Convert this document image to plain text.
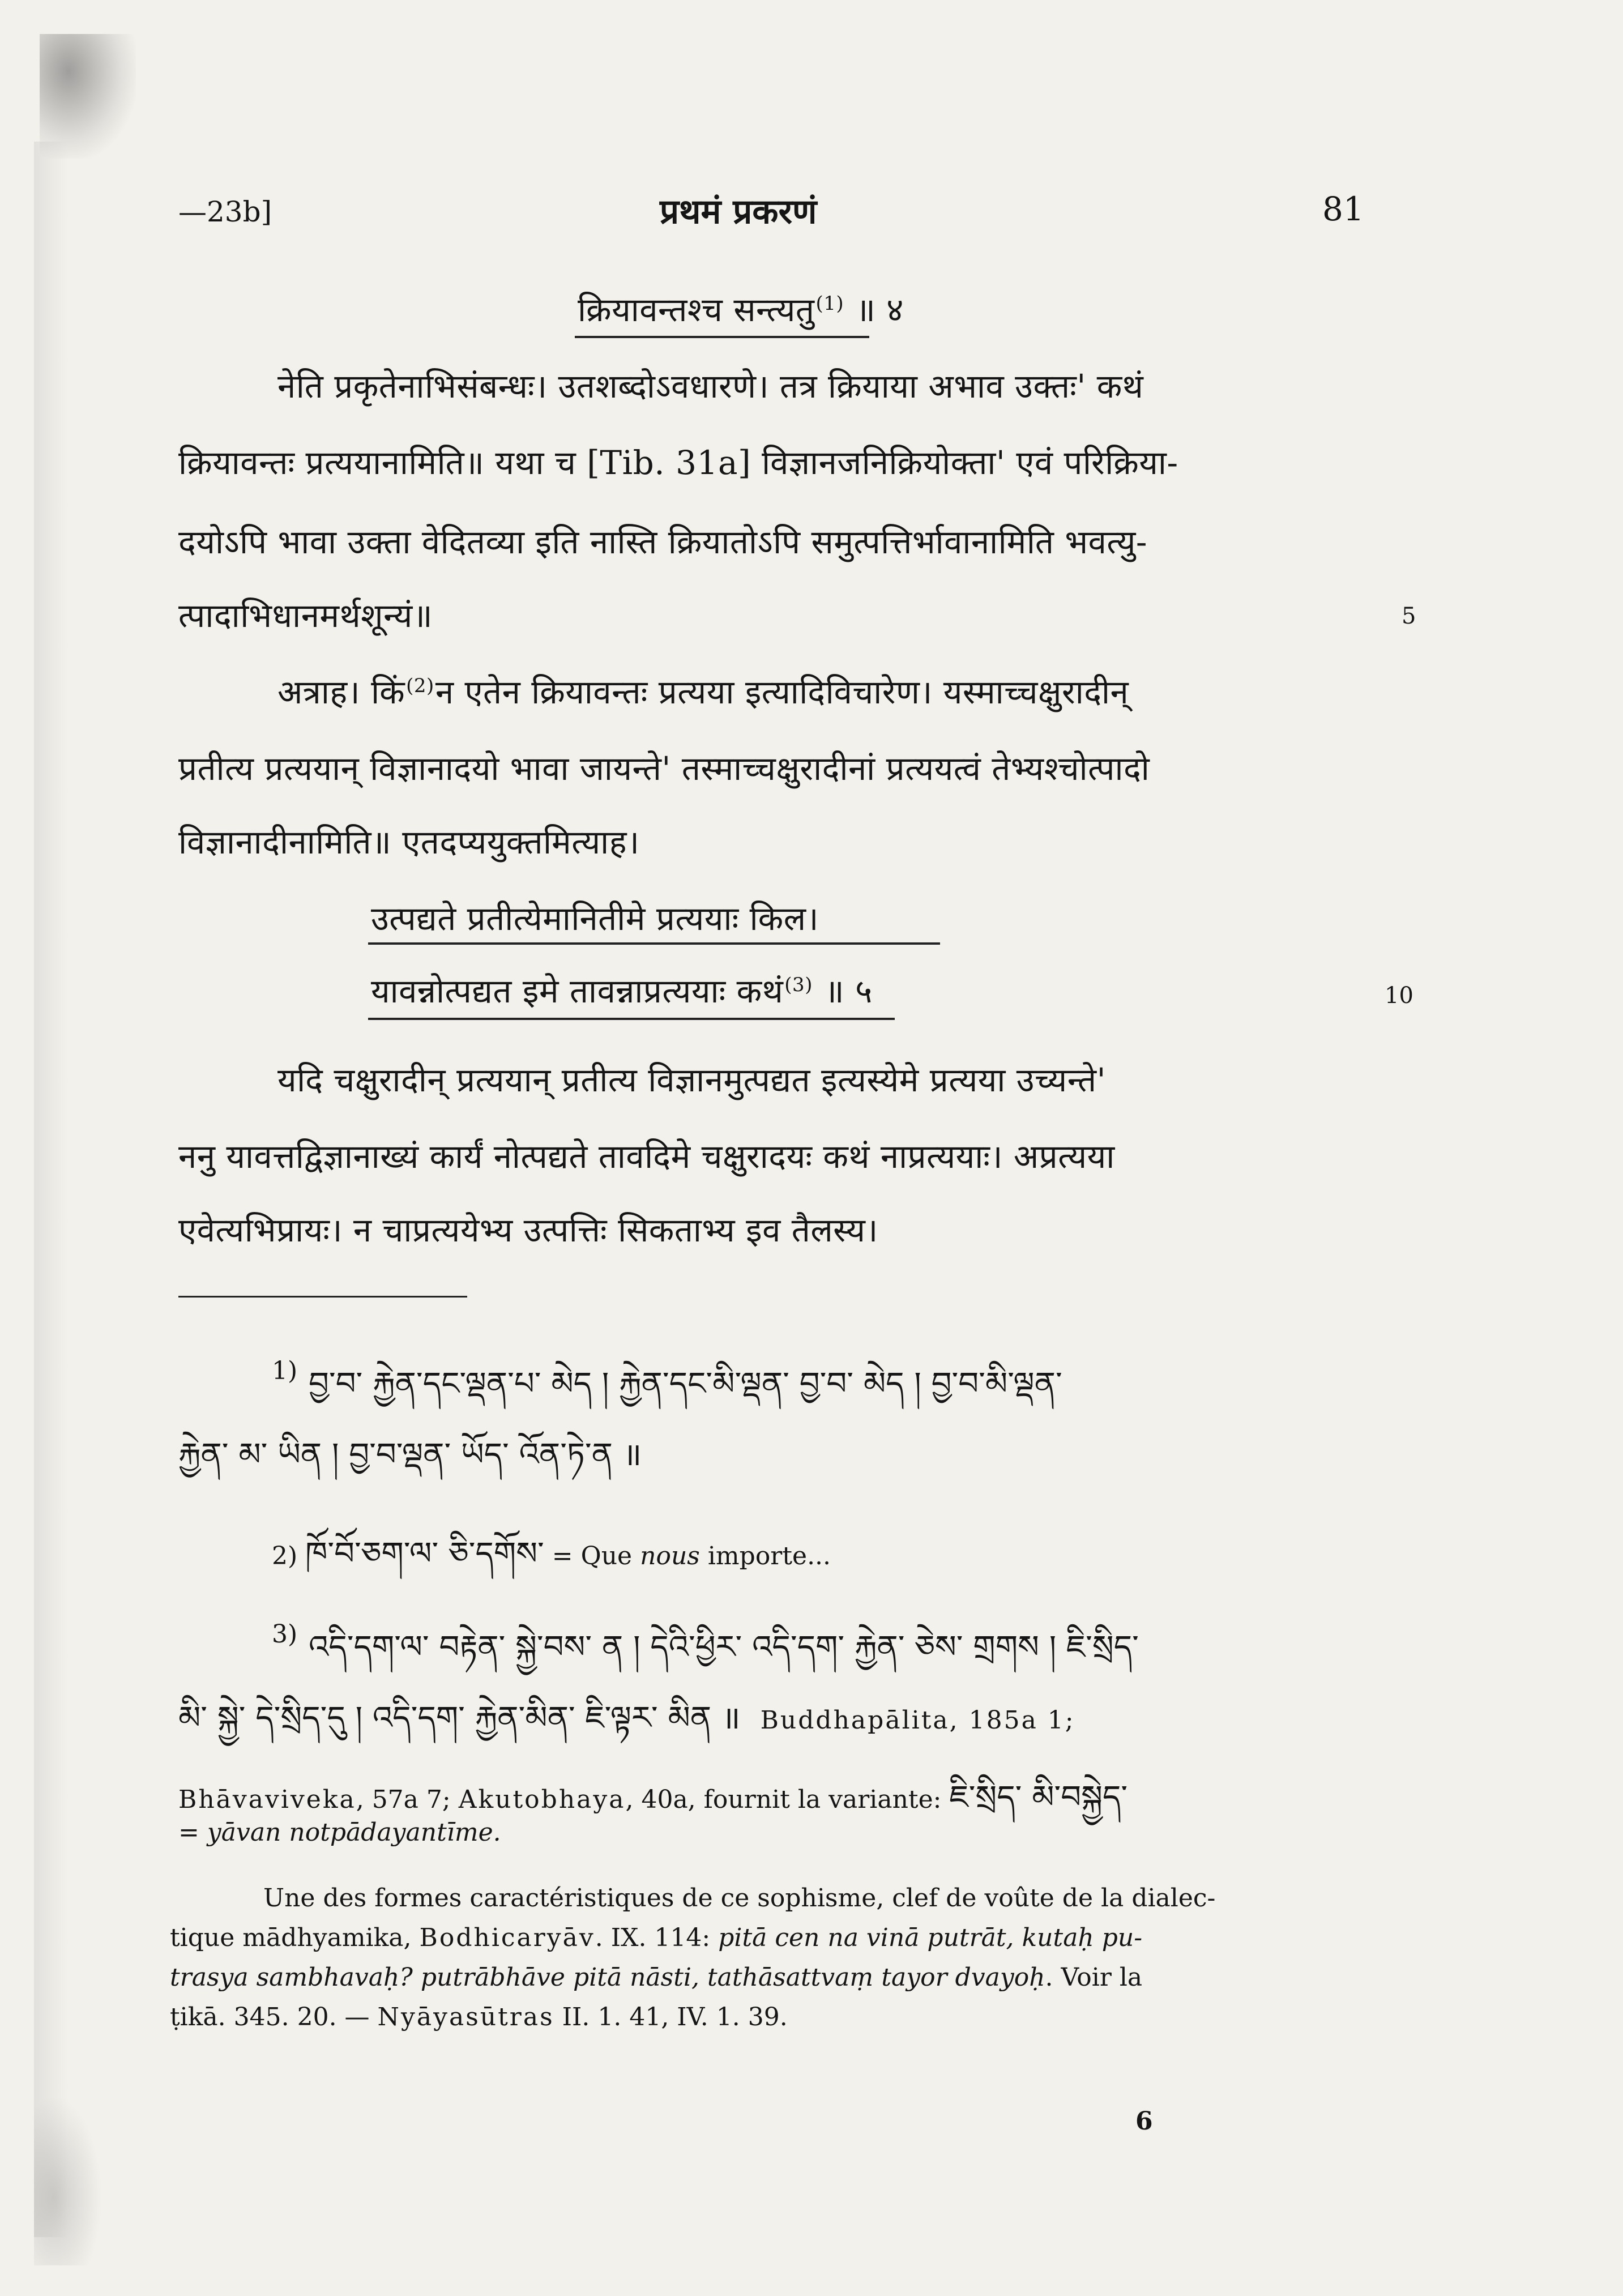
—23b]	प्रथमं प्रकरणं	81
क्रियावन्तश्च सन्त्यतु$^{(1)}$ ॥ ४
नेति प्रकृतेनाभिसंबन्धः। उतशब्दोऽवधारणे। तत्र क्रियाया अभाव उक्तः' कथं
क्रियावन्तः प्रत्ययानामिति॥ यथा च [Tib. 31a] विज्ञानजनिक्रियोक्ता' एवं परिक्रिया-
दयोऽपि भावा उक्ता वेदितव्या इति नास्ति क्रियातोऽपि समुत्पत्तिर्भावानामिति भवत्यु-
त्पादाभिधानमर्थशून्यं॥	5
अत्राह। किं$^{(2)}$न एतेन क्रियावन्तः प्रत्यया इत्यादिविचारेण। यस्माच्चक्षुरादीन्
प्रतीत्य प्रत्ययान् विज्ञानादयो भावा जायन्ते' तस्माच्चक्षुरादीनां प्रत्ययत्वं तेभ्यश्चोत्पादो
विज्ञानादीनामिति॥ एतदप्ययुक्तमित्याह।
उत्पद्यते प्रतीत्येमानितीमे प्रत्ययाः किल।
यावन्नोत्पद्यत इमे तावन्नाप्रत्ययाः कथं$^{(3)}$ ॥ ५	10
यदि चक्षुरादीन् प्रत्ययान् प्रतीत्य विज्ञानमुत्पद्यत इत्यस्येमे प्रत्यया उच्यन्ते'
ननु यावत्तद्विज्ञानाख्यं कार्यं नोत्पद्यते तावदिमे चक्षुरादयः कथं नाप्रत्ययाः। अप्रत्यया
एवेत्यभिप्रायः। न चाप्रत्ययेभ्य उत्पत्तिः सिकताभ्य इव तैलस्य।
1) བྱ་བ་ རྐྱེན་དང་ལྡན་པ་ མེད ། རྐྱེན་དང་མི་ལྡན་ བྱ་བ་ མེད ། བྱ་བ་མི་ལྡན་
རྐྱེན་ མ་ ཡིན ། བྱ་བ་ལྡན་ ཡོད་ འོན་ཏེ་ན ॥
2) ཁོ་བོ་ཅག་ལ་ ཅི་དགོས་ = Que nous importe...
3) འདི་དག་ལ་ བརྟེན་ སྐྱེ་བས་ ན ། དེའི་ཕྱིར་ འདི་དག་ རྐྱེན་ ཅེས་ གྲགས ། ཇི་སྲིད་
མི་ སྐྱེ་ དེ་སྲིད་དུ ། འདི་དག་ རྐྱེན་མིན་ ཇི་ལྟར་ མིན ॥ Buddhapālita, 185a 1;
Bhāvaviveka, 57a 7; Akutobhaya, 40a, fournit la variante: ཇི་སྲིད་ མི་བསྐྱེད་
= yāvan notpādayantīme.
Une des formes caractéristiques de ce sophisme, clef de voûte de la dialec-
tique mādhyamika, Bodhicaryāv. IX. 114: pitā cen na vinā putrāt, kutaḥ pu-
trasya sambhavaḥ? putrābhāve pitā nāsti, tathāsattvaṃ tayor dvayoḥ. Voir la
ṭikā. 345. 20. — Nyāyasūtras II. 1. 41, IV. 1. 39.
6
